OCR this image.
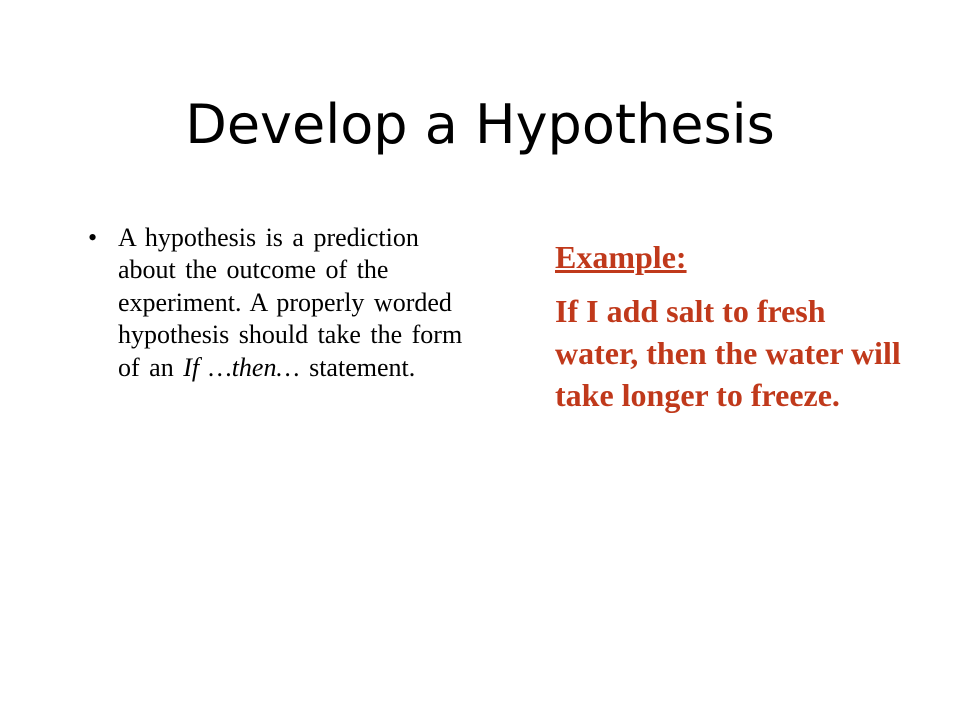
Develop a Hypothesis
• A hypothesis is a prediction about the outcome of the experiment. A properly worded hypothesis should take the form of an If …then… statement.
Example:
If I add salt to fresh water, then the water will take longer to freeze.
